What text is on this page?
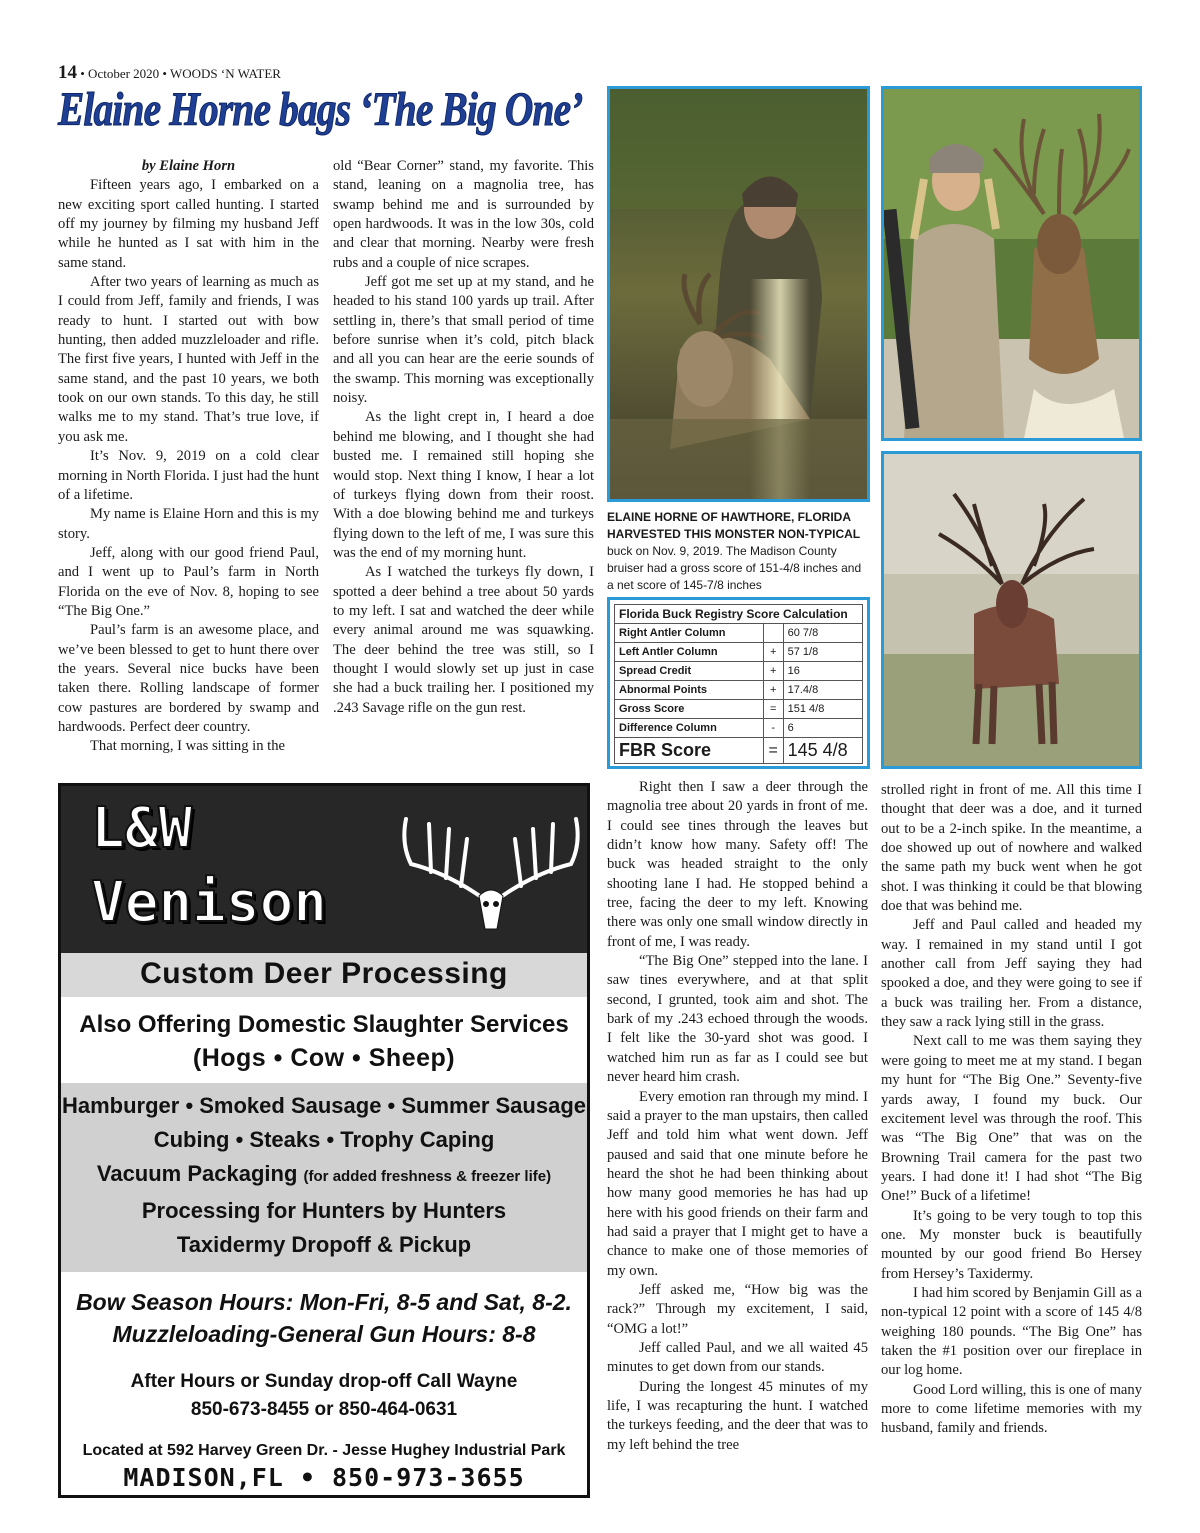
14 • October 2020 • WOODS ‘N WATER
Elaine Horne bags ‘The Big One’
by Elaine Horn

Fifteen years ago, I embarked on a new exciting sport called hunting. I started off my journey by filming my husband Jeff while he hunted as I sat with him in the same stand.

After two years of learning as much as I could from Jeff, family and friends, I was ready to hunt. I started out with bow hunting, then added muzzleloader and rifle. The first five years, I hunted with Jeff in the same stand, and the past 10 years, we both took on our own stands. To this day, he still walks me to my stand. That’s true love, if you ask me.

It’s Nov. 9, 2019 on a cold clear morning in North Florida. I just had the hunt of a lifetime.

My name is Elaine Horn and this is my story.

Jeff, along with our good friend Paul, and I went up to Paul’s farm in North Florida on the eve of Nov. 8, hoping to see “The Big One.”

Paul’s farm is an awesome place, and we’ve been blessed to get to hunt there over the years. Several nice bucks have been taken there. Rolling landscape of former cow pastures are bordered by swamp and hardwoods. Perfect deer country.

That morning, I was sitting in the

old “Bear Corner” stand, my favorite. This stand, leaning on a magnolia tree, has swamp behind me and is surrounded by open hardwoods. It was in the low 30s, cold and clear that morning. Nearby were fresh rubs and a couple of nice scrapes.

Jeff got me set up at my stand, and he headed to his stand 100 yards up trail. After settling in, there’s that small period of time before sunrise when it’s cold, pitch black and all you can hear are the eerie sounds of the swamp. This morning was exceptionally noisy.

As the light crept in, I heard a doe behind me blowing, and I thought she had busted me. I remained still hoping she would stop. Next thing I know, I hear a lot of turkeys flying down from their roost. With a doe blowing behind me and turkeys flying down to the left of me, I was sure this was the end of my morning hunt.

As I watched the turkeys fly down, I spotted a deer behind a tree about 50 yards to my left. I sat and watched the deer while every animal around me was squawking. The deer behind the tree was still, so I thought I would slowly set up just in case she had a buck trailing her. I positioned my .243 Savage rifle on the gun rest.

ELAINE HORNE OF HAWTHORE, FLORIDA HARVESTED THIS MONSTER NON-TYPICAL buck on Nov. 9, 2019. The Madison County bruiser had a gross score of 151-4/8 inches and a net score of 145-7/8 inches
Florida Buck Registry Score Calculation		
Right Antler Column		60 7/8
Left Antler Column	+	57 1/8
Spread Credit	+	16
Abnormal Points	+	17.4/8
Gross Score	=	151 4/8
Difference Column	-	6
FBR Score	=	145 4/8

Right then I saw a deer through the magnolia tree about 20 yards in front of me. I could see tines through the leaves but didn’t know how many. Safety off! The buck was headed straight to the only shooting lane I had. He stopped behind a tree, facing the deer to my left. Knowing there was only one small window directly in front of me, I was ready.

“The Big One” stepped into the lane. I saw tines everywhere, and at that split second, I grunted, took aim and shot. The bark of my .243 echoed through the woods. I felt like the 30-yard shot was good. I watched him run as far as I could see but never heard him crash.

Every emotion ran through my mind. I said a prayer to the man upstairs, then called Jeff and told him what went down. Jeff paused and said that one minute before he heard the shot he had been thinking about how many good memories he has had up here with his good friends on their farm and had said a prayer that I might get to have a chance to make one of those memories of my own.

Jeff asked me, “How big was the rack?” Through my excitement, I said, “OMG a lot!”

Jeff called Paul, and we all waited 45 minutes to get down from our stands.

During the longest 45 minutes of my life, I was recapturing the hunt. I watched the turkeys feeding, and the deer that was to my left behind the tree

strolled right in front of me. All this time I thought that deer was a doe, and it turned out to be a 2-inch spike. In the meantime, a doe showed up out of nowhere and walked the same path my buck went when he got shot. I was thinking it could be that blowing doe that was behind me.

Jeff and Paul called and headed my way. I remained in my stand until I got another call from Jeff saying they had spooked a doe, and they were going to see if a buck was trailing her. From a distance, they saw a rack lying still in the grass.

Next call to me was them saying they were going to meet me at my stand. I began my hunt for “The Big One.” Seventy-five yards away, I found my buck. Our excitement level was through the roof. This was “The Big One” that was on the Browning Trail camera for the past two years. I had done it! I had shot “The Big One!” Buck of a lifetime!

It’s going to be very tough to top this one. My monster buck is beautifully mounted by our good friend Bo Hersey from Hersey’s Taxidermy.

I had him scored by Benjamin Gill as a non-typical 12 point with a score of 145 4/8 weighing 180 pounds. “The Big One” has taken the #1 position over our fireplace in our log home.

Good Lord willing, this is one of many more to come lifetime memories with my husband, family and friends.

L&W
Venison
Custom Deer Processing
Also Offering Domestic Slaughter Services
(Hogs • Cow • Sheep)
Hamburger • Smoked Sausage • Summer Sausage
Cubing • Steaks • Trophy Caping
Vacuum Packaging (for added freshness & freezer life)
Processing for Hunters by Hunters
Taxidermy Dropoff & Pickup
Bow Season Hours: Mon-Fri, 8-5 and Sat, 8-2.
Muzzleloading-General Gun Hours: 8-8
After Hours or Sunday drop-off Call Wayne
850-673-8455 or 850-464-0631
Located at 592 Harvey Green Dr. - Jesse Hughey Industrial Park
MADISON,FL • 850-973-3655
